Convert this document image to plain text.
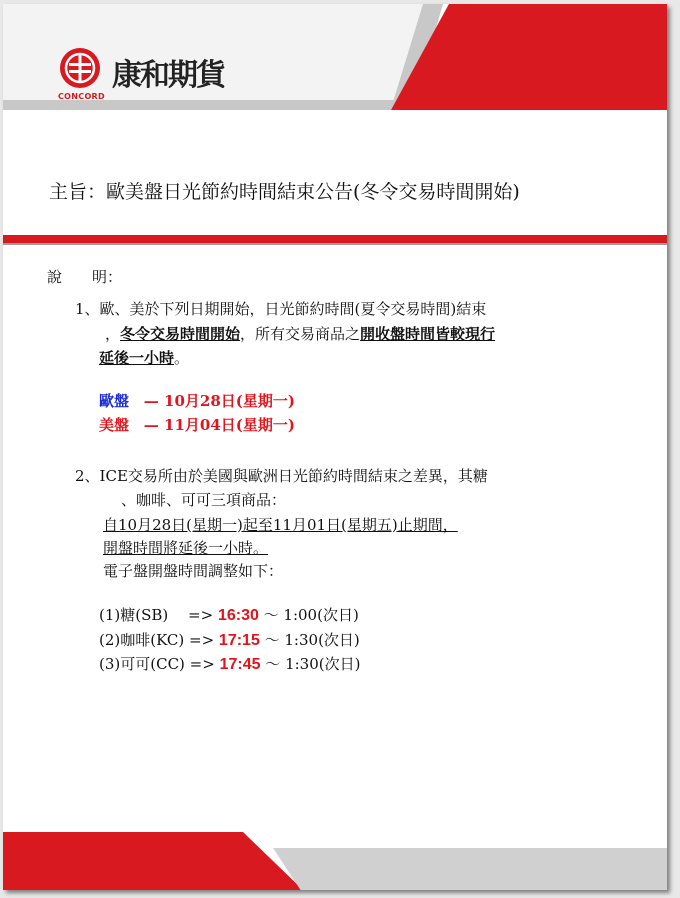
CONCORD
康和期貨
主旨：歐美盤日光節約時間結束公告(冬令交易時間開始)
說　　明：
1、歐、美於下列日期開始，日光節約時間(夏令交易時間)結束
，冬令交易時間開始，所有交易商品之開收盤時間皆較現行
延後一小時。
歐盤 — 10月28日(星期一)
美盤 — 11月04日(星期一)
2、ICE交易所由於美國與歐洲日光節約時間結束之差異，其糖
、咖啡、可可三項商品：
自10月28日(星期一)起至11月01日(星期五)止期間，
開盤時間將延後一小時。
電子盤開盤時間調整如下：
(1)糖(SB)　 => 16:30 ～ 1:00(次日)
(2)咖啡(KC) => 17:15 ～ 1:30(次日)
(3)可可(CC) => 17:45 ～ 1:30(次日)
